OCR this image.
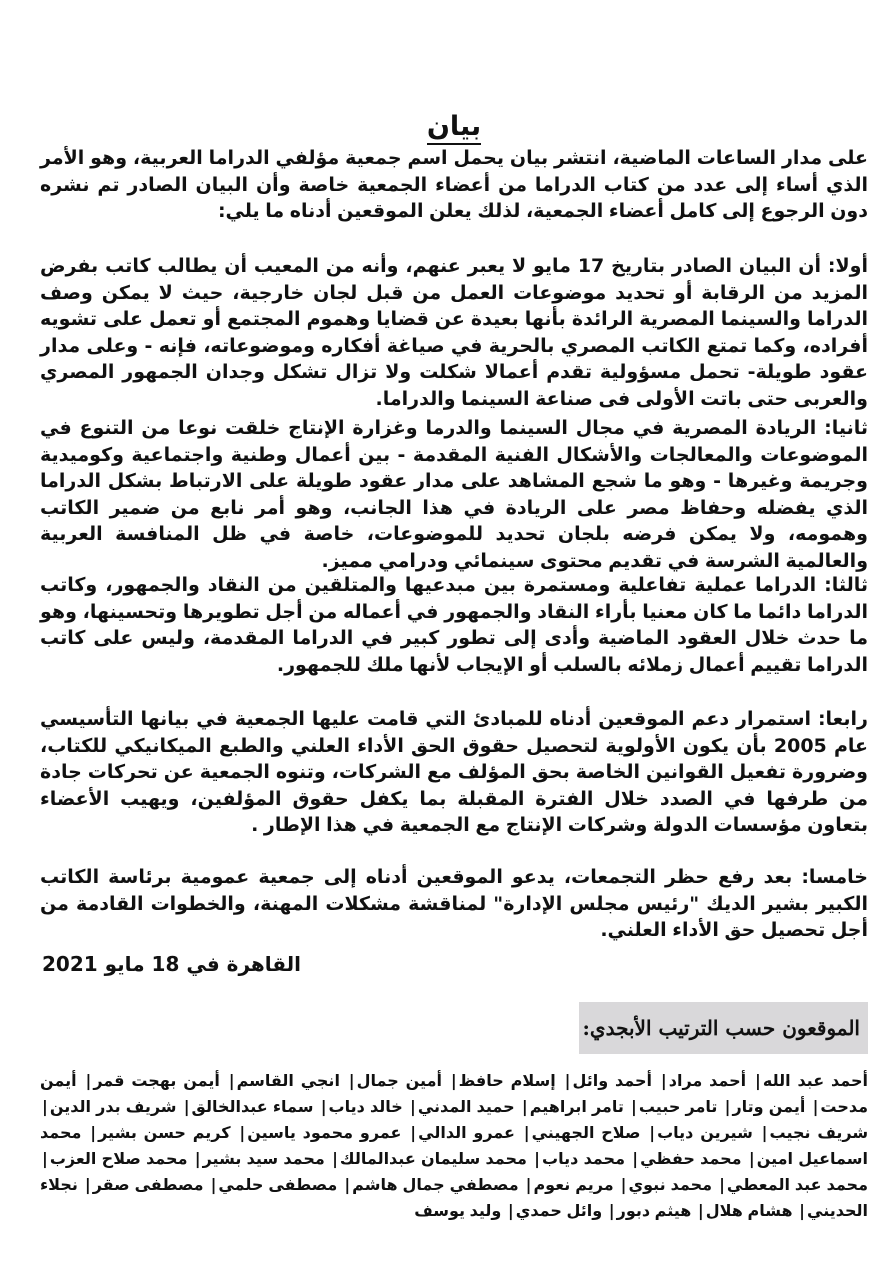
بيان

على مدار الساعات الماضية، انتشر بيان يحمل اسم جمعية مؤلفي الدراما العربية، وهو الأمر الذي أساء إلى عدد من كتاب الدراما من أعضاء الجمعية خاصة وأن البيان الصادر تم نشره دون الرجوع إلى كامل أعضاء الجمعية، لذلك يعلن الموقعين أدناه ما يلي:

أولا: أن البيان الصادر بتاريخ 17 مايو لا يعبر عنهم، وأنه من المعيب أن يطالب كاتب بفرض المزيد من الرقابة أو تحديد موضوعات العمل من قبل لجان خارجية، حيث لا يمكن وصف الدراما والسينما المصرية الرائدة بأنها بعيدة عن قضايا وهموم المجتمع أو تعمل على تشويه أفراده، وكما تمتع الكاتب المصري بالحرية في صياغة أفكاره وموضوعاته، فإنه - وعلى مدار عقود طويلة- تحمل مسؤولية تقدم أعمالا شكلت ولا تزال تشكل وجدان الجمهور المصري والعربى حتى باتت الأولى فى صناعة السينما والدراما.

ثانيا: الريادة المصرية في مجال السينما والدرما وغزارة الإنتاج خلقت نوعا من التنوع في الموضوعات والمعالجات والأشكال الفنية المقدمة - بين أعمال وطنية واجتماعية وكوميدية وجريمة وغيرها - وهو ما شجع المشاهد على مدار عقود طويلة على الارتباط بشكل الدراما الذي يفضله وحفاظ مصر على الريادة في هذا الجانب، وهو أمر نابع من ضمير الكاتب وهمومه، ولا يمكن فرضه بلجان تحديد للموضوعات، خاصة في ظل المنافسة العربية والعالمية الشرسة في تقديم محتوى سينمائي ودرامي مميز.

ثالثا: الدراما عملية تفاعلية ومستمرة بين مبدعيها والمتلقين من النقاد والجمهور، وكاتب الدراما دائما ما كان معنيا بأراء النقاد والجمهور في أعماله من أجل تطويرها وتحسينها، وهو ما حدث خلال العقود الماضية وأدى إلى تطور كبير في الدراما المقدمة، وليس على كاتب الدراما تقييم أعمال زملائه بالسلب أو الإيجاب لأنها ملك للجمهور.

رابعا: استمرار دعم الموقعين أدناه للمبادئ التي قامت عليها الجمعية في بيانها التأسيسي عام 2005 بأن يكون الأولوية لتحصيل حقوق الحق الأداء العلني والطبع الميكانيكي للكتاب، وضرورة تفعيل القوانين الخاصة بحق المؤلف مع الشركات، وتنوه الجمعية عن تحركات جادة من طرفها في الصدد خلال الفترة المقبلة بما يكفل حقوق المؤلفين، ويهيب الأعضاء بتعاون مؤسسات الدولة وشركات الإنتاج مع الجمعية في هذا الإطار .

خامسا: بعد رفع حظر التجمعات، يدعو الموقعين أدناه إلى جمعية عمومية برئاسة الكاتب الكبير بشير الديك "رئيس مجلس الإدارة" لمناقشة مشكلات المهنة، والخطوات القادمة من أجل تحصيل حق الأداء العلني.

القاهرة في 18 مايو 2021
الموقعون حسب الترتيب الأبجدي:
أحمد عبد الله| أحمد مراد| أحمد وائل| إسلام حافظ| أمين جمال| انجي القاسم| أيمن بهجت قمر| أيمن مدحت| أيمن وتار| تامر حبيب| تامر ابراهيم| حميد المدني| خالد دياب| سماء عبدالخالق| شريف بدر الدين| شريف نجيب| شيرين دياب| صلاح الجهيني| عمرو الدالي| عمرو محمود ياسين| كريم حسن بشير| محمد اسماعيل امين| محمد حفظي| محمد دياب| محمد سليمان عبدالمالك| محمد سيد بشير| محمد صلاح العزب| محمد عبد المعطي| محمد نبوي| مريم نعوم| مصطفي جمال هاشم| مصطفى حلمي| مصطفى صقر| نجلاء الحديني| هشام هلال| هيثم دبور| وائل حمدي| وليد يوسف
